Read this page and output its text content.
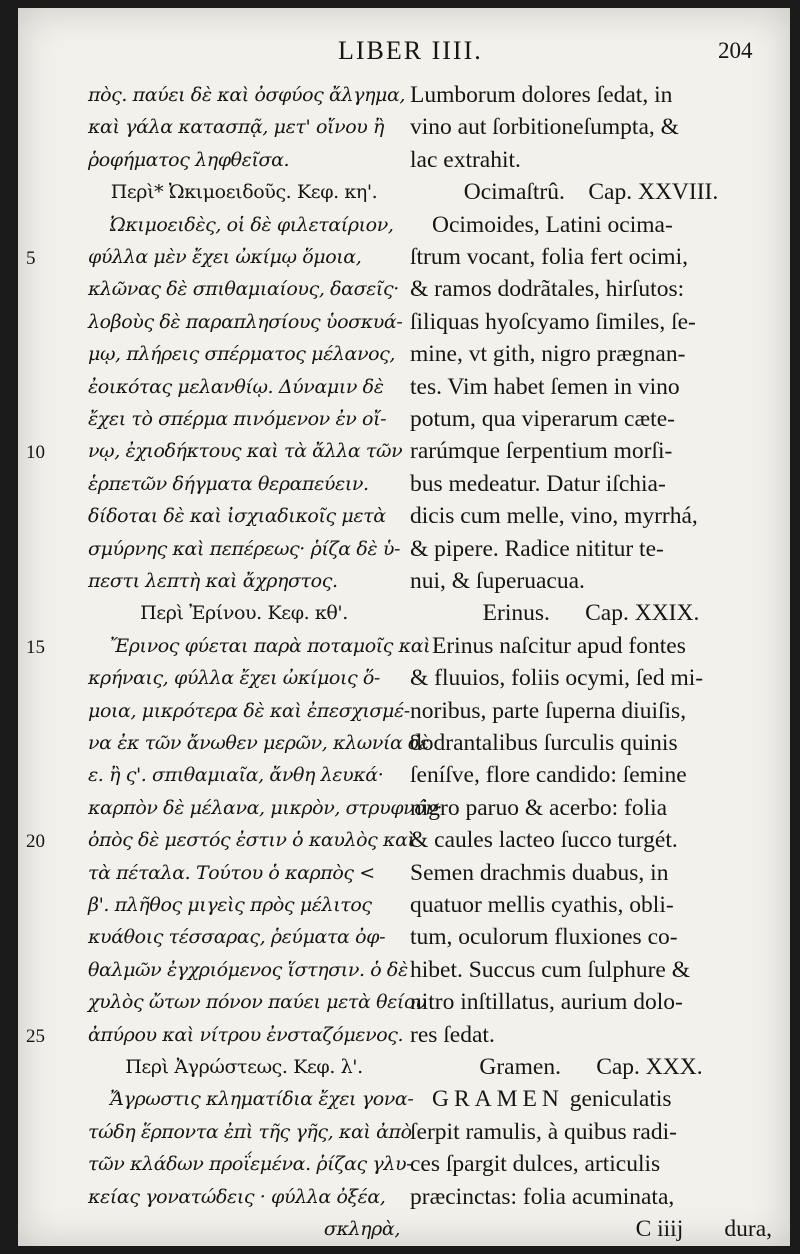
LIBER IIII.	204
5
10
15
20
25
πὸς. παύει δὲ καὶ ὀσφύος ἄλγημα,
καὶ γάλα κατασπᾷ, μετ' οἴνου ἢ
ῥοφήματος ληφθεῖσα.
Περὶ* Ὠκιμοειδοῦς. Κεφ. κη'.
Ὠκιμοειδὲς, οἱ δὲ φιλεταίριον,
φύλλα μὲν ἔχει ὠκίμῳ ὅμοια,
κλῶνας δὲ σπιθαμιαίους, δασεῖς·
λοβοὺς δὲ παραπλησίους ὑοσκυά-
μῳ, πλήρεις σπέρματος μέλανος,
ἐοικότας μελανθίῳ. Δύναμιν δὲ
ἔχει τὸ σπέρμα πινόμενον ἐν οἴ-
νῳ, ἐχιοδήκτους καὶ τὰ ἄλλα τῶν
ἑρπετῶν δήγματα θεραπεύειν.
δίδοται δὲ καὶ ἰσχιαδικοῖς μετὰ
σμύρνης καὶ πεπέρεως· ῥίζα δὲ ὑ-
πεστι λεπτὴ καὶ ἄχρηστος.
Περὶ Ἐρίνου. Κεφ. κθ'.
Ἔρινος φύεται παρὰ ποταμοῖς καὶ
κρήναις, φύλλα ἔχει ὠκίμοις ὅ-
μοια, μικρότερα δὲ καὶ ἐπεσχισμέ-
να ἐκ τῶν ἄνωθεν μερῶν, κλωνία δὲ
ε. ἢ ς'. σπιθαμιαῖα, ἄνθη λευκά·
καρπὸν δὲ μέλανα, μικρὸν, στρυφνόν·
ὀπὸς δὲ μεστός ἐστιν ὁ καυλὸς καὶ
τὰ πέταλα. Τούτου ὁ καρπὸς <
β'. πλῆθος μιγεὶς πρὸς μέλιτος
κυάθοις τέσσαρας, ῥεύματα ὀφ-
θαλμῶν ἐγχριόμενος ἵστησιν. ὁ δὲ
χυλὸς ὤτων πόνον παύει μετὰ θείου
ἀπύρου καὶ νίτρου ἐνσταζόμενος.
Περὶ Ἀγρώστεως. Κεφ. λ'.
Ἄγρωστις κληματίδια ἔχει γονα-
τώδη ἕρποντα ἐπὶ τῆς γῆς, καὶ ἀπὸ
τῶν κλάδων προΐεμένα. ῥίζας γλυ-
κείας γονατώδεις · φύλλα ὀξέα,
σκληρὰ,
Lumborum dolores ſedat, in
vino aut ſorbitioneſumpta, &
lac extrahit.
Ocimaſtrû.    Cap. XXVIII.
Ocimoides, Latini ocima-
ſtrum vocant, folia fert ocimi,
& ramos dodrãtales, hirſutos:
ſiliquas hyoſcyamo ſimiles, ſe-
mine, vt gith, nigro prægnan-
tes. Vim habet ſemen in vino
potum, qua viperarum cæte-
rarúmque ſerpentium morſi-
bus medeatur. Datur iſchia-
dicis cum melle, vino, myrrhá,
& pipere. Radice nititur te-
nui, & ſuperuacua.
Erinus.      Cap. XXIX.
Erinus naſcitur apud fontes
& fluuios, foliis ocymi, ſed mi-
noribus, parte ſuperna diuiſis,
dodrantalibus ſurculis quinis
ſeníſve, flore candido: ſemine
nigro paruo & acerbo: folia
& caules lacteo ſucco turgét.
Semen drachmis duabus, in
quatuor mellis cyathis, obli-
tum, oculorum fluxiones co-
hibet. Succus cum ſulphure &
nitro inſtillatus, aurium dolo-
res ſedat.
Gramen.      Cap. XXX.
GRAMEN geniculatis
ſerpit ramulis, à quibus radi-
ces ſpargit dulces, articulis
præcinctas: folia acuminata,
C iiij       dura,
